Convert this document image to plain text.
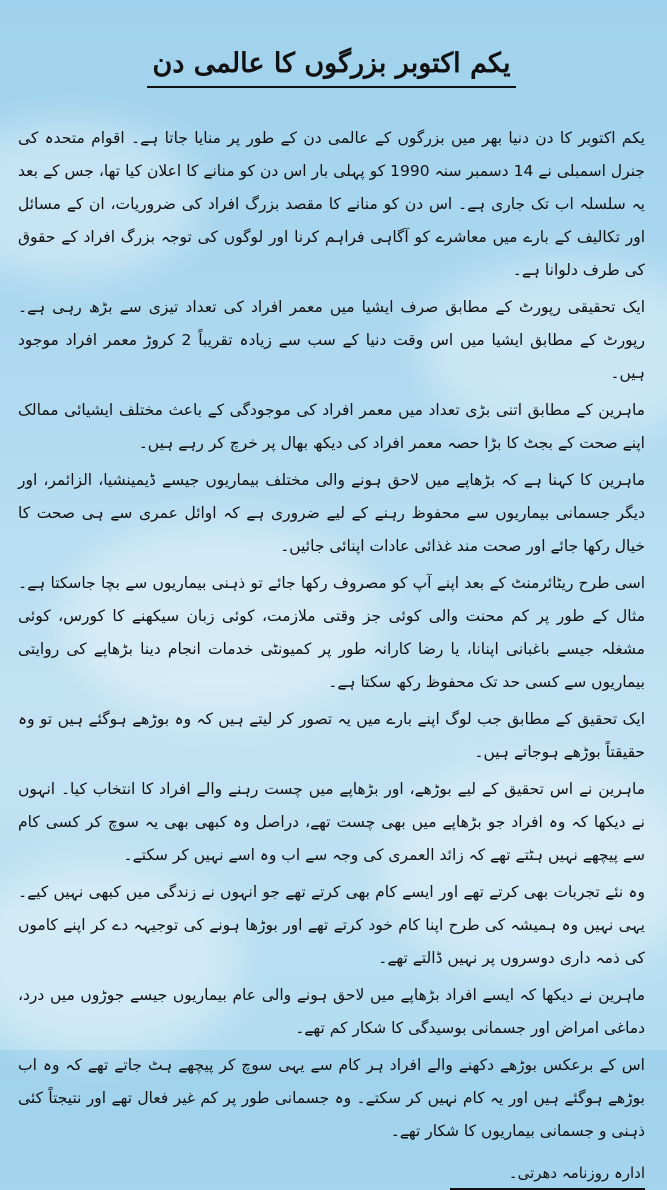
یکم اکتوبر بزرگوں کا عالمی دن

یکم اکتوبر کا دن دنیا بھر میں بزرگوں کے عالمی دن کے طور پر منایا جاتا ہے۔ اقوام متحدہ کی جنرل اسمبلی نے 14 دسمبر سنہ 1990 کو پہلی بار اس دن کو منانے کا اعلان کیا تھا، جس کے بعد یہ سلسلہ اب تک جاری ہے۔ اس دن کو منانے کا مقصد بزرگ افراد کی ضروریات، ان کے مسائل اور تکالیف کے بارے میں معاشرے کو آگاہی فراہم کرنا اور لوگوں کی توجہ بزرگ افراد کے حقوق کی طرف دلوانا ہے۔

ایک تحقیقی رپورٹ کے مطابق صرف ایشیا میں معمر افراد کی تعداد تیزی سے بڑھ رہی ہے۔ رپورٹ کے مطابق ایشیا میں اس وقت دنیا کے سب سے زیادہ تقریباً 2 کروڑ معمر افراد موجود ہیں۔

ماہرین کے مطابق اتنی بڑی تعداد میں معمر افراد کی موجودگی کے باعث مختلف ایشیائی ممالک اپنے صحت کے بجٹ کا بڑا حصہ معمر افراد کی دیکھ بھال پر خرچ کر رہے ہیں۔

ماہرین کا کہنا ہے کہ بڑھاپے میں لاحق ہونے والی مختلف بیماریوں جیسے ڈیمینشیا، الزائمر، اور دیگر جسمانی بیماریوں سے محفوظ رہنے کے لیے ضروری ہے کہ اوائل عمری سے ہی صحت کا خیال رکھا جائے اور صحت مند غذائی عادات اپنائی جائیں۔

اسی طرح ریٹائرمنٹ کے بعد اپنے آپ کو مصروف رکھا جائے تو ذہنی بیماریوں سے بچا جاسکتا ہے۔ مثال کے طور پر کم محنت والی کوئی جز وقتی ملازمت، کوئی زبان سیکھنے کا کورس، کوئی مشغلہ جیسے باغبانی اپنانا، یا رضا کارانہ طور پر کمیونٹی خدمات انجام دینا بڑھاپے کی روایتی بیماریوں سے کسی حد تک محفوظ رکھ سکتا ہے۔

ایک تحقیق کے مطابق جب لوگ اپنے بارے میں یہ تصور کر لیتے ہیں کہ وہ بوڑھے ہوگئے ہیں تو وہ حقیقتاً بوڑھے ہوجاتے ہیں۔

ماہرین نے اس تحقیق کے لیے بوڑھے، اور بڑھاپے میں چست رہنے والے افراد کا انتخاب کیا۔ انہوں نے دیکھا کہ وہ افراد جو بڑھاپے میں بھی چست تھے، دراصل وہ کبھی بھی یہ سوچ کر کسی کام سے پیچھے نہیں ہٹتے تھے کہ زائد العمری کی وجہ سے اب وہ اسے نہیں کر سکتے۔

وہ نئے تجربات بھی کرتے تھے اور ایسے کام بھی کرتے تھے جو انہوں نے زندگی میں کبھی نہیں کیے۔ یہی نہیں وہ ہمیشہ کی طرح اپنا کام خود کرتے تھے اور بوڑھا ہونے کی توجیہہ دے کر اپنے کاموں کی ذمہ داری دوسروں پر نہیں ڈالتے تھے۔

ماہرین نے دیکھا کہ ایسے افراد بڑھاپے میں لاحق ہونے والی عام بیماریوں جیسے جوڑوں میں درد، دماغی امراض اور جسمانی بوسیدگی کا شکار کم تھے۔

اس کے برعکس بوڑھے دکھنے والے افراد ہر کام سے یہی سوچ کر پیچھے ہٹ جاتے تھے کہ وہ اب بوڑھے ہوگئے ہیں اور یہ کام نہیں کر سکتے۔ وہ جسمانی طور پر کم غیر فعال تھے اور نتیجتاً کئی ذہنی و جسمانی بیماریوں کا شکار تھے۔

ادارہ روزنامہ دھرتی۔
